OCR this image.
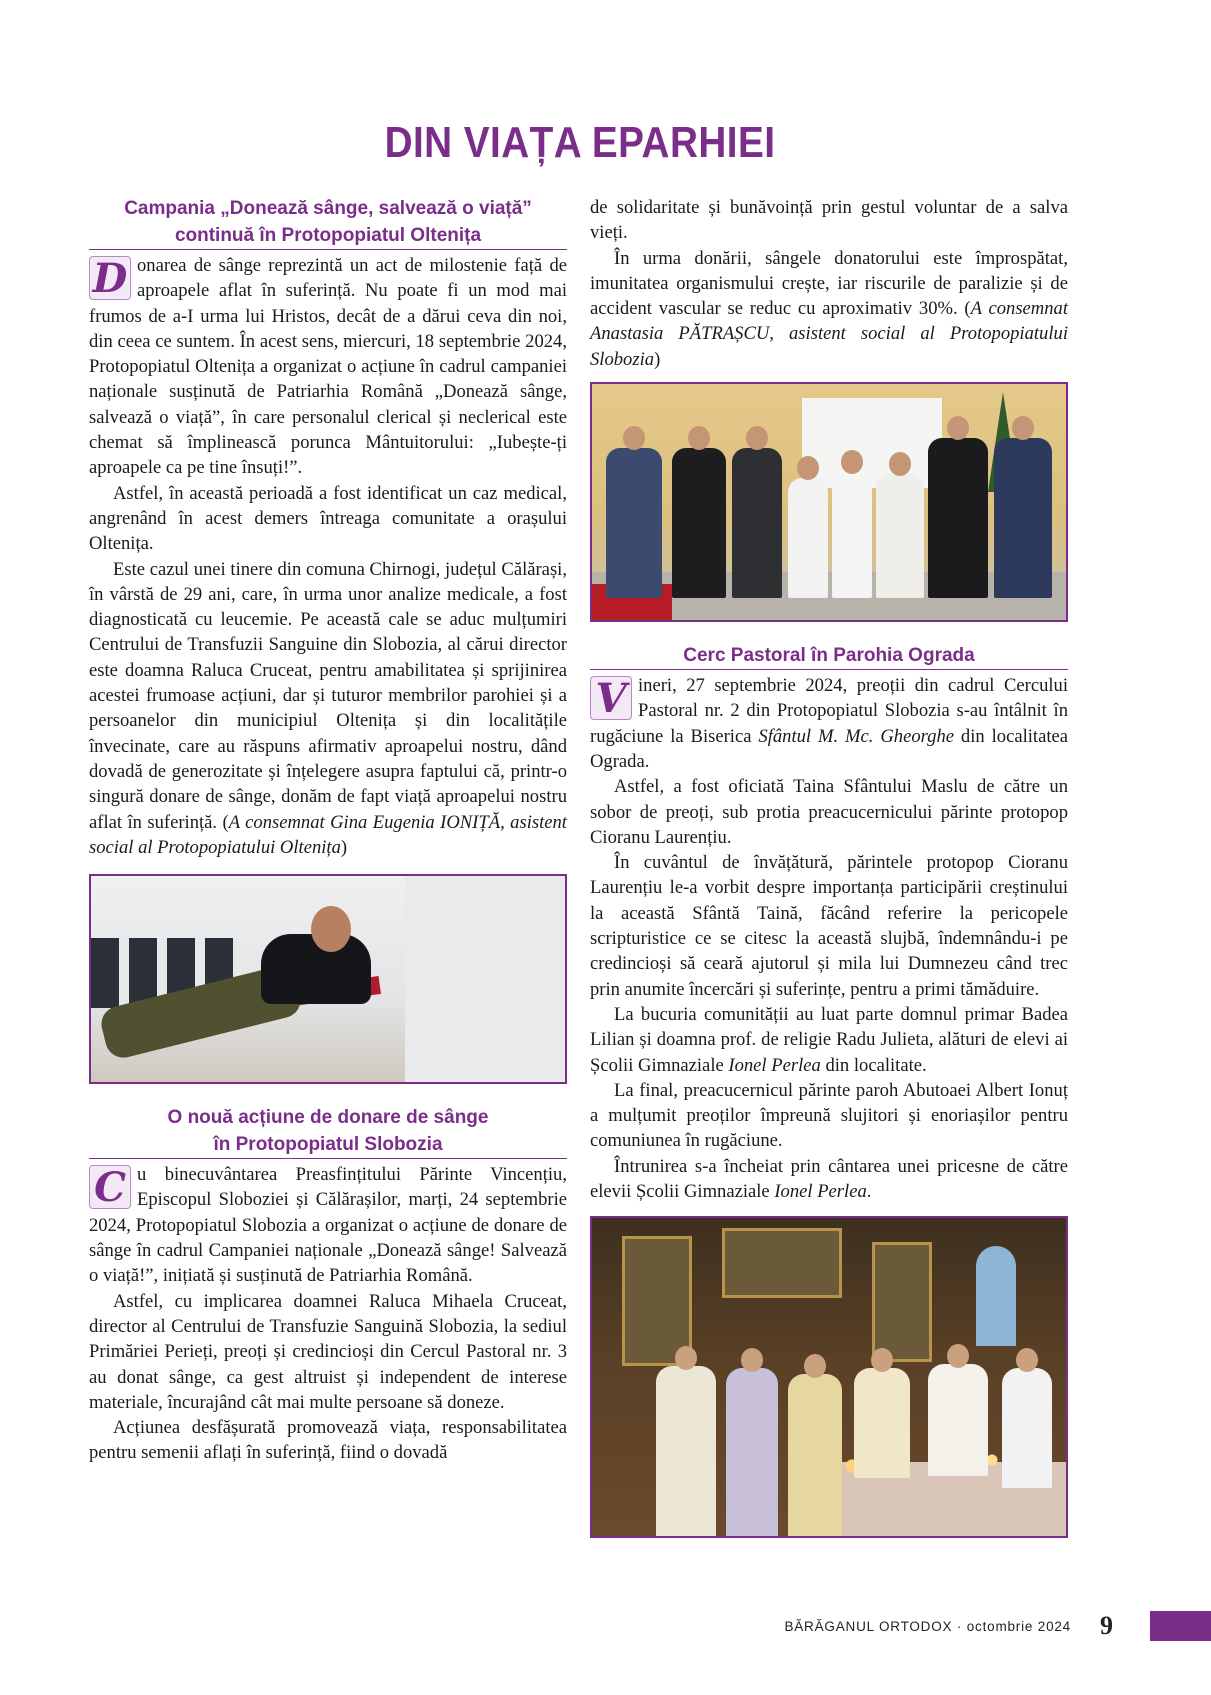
DIN VIAȚA EPARHIEI
Campania „Donează sânge, salvează o viață”
continuă în Protopopiatul Oltenița

D onarea de sânge reprezintă un act de milostenie față de aproapele aflat în suferință. Nu poate fi un mod mai frumos de a-I urma lui Hristos, decât de a dărui ceva din noi, din ceea ce suntem. În acest sens, miercuri, 18 septembrie 2024, Protopopiatul Oltenița a organizat o acțiune în cadrul campaniei naționale susținută de Patriarhia Română „Donează sânge, salvează o viață”, în care personalul clerical și neclerical este chemat să împlinească porunca Mântuitorului: „Iubește-ți aproapele ca pe tine însuți!”.

Astfel, în această perioadă a fost identificat un caz medical, angrenând în acest demers întreaga comunitate a orașului Oltenița.

Este cazul unei tinere din comuna Chirnogi, județul Călărași, în vârstă de 29 ani, care, în urma unor analize medicale, a fost diagnosticată cu leucemie. Pe această cale se aduc mulțumiri Centrului de Transfuzii Sanguine din Slobozia, al cărui director este doamna Raluca Cruceat, pentru amabilitatea și sprijinirea acestei frumoase acțiuni, dar și tuturor membrilor parohiei și a persoanelor din municipiul Oltenița și din localitățile învecinate, care au răspuns afirmativ aproapelui nostru, dând dovadă de generozitate și înțelegere asupra faptului că, printr-o singură donare de sânge, donăm de fapt viață aproapelui nostru aflat în suferință. (A consemnat Gina Eugenia IONIȚĂ, asistent social al Protopopiatului Oltenița)

O nouă acțiune de donare de sânge
în Protopopiatul Slobozia

C u binecuvântarea Preasfințitului Părinte Vincențiu, Episcopul Sloboziei și Călărașilor, marți, 24 septembrie 2024, Protopopiatul Slobozia a organizat o acțiune de donare de sânge în cadrul Campaniei naționale „Donează sânge! Salvează o viață!”, inițiată și susținută de Patriarhia Română.

Astfel, cu implicarea doamnei Raluca Mihaela Cruceat, director al Centrului de Transfuzie Sanguină Slobozia, la sediul Primăriei Perieți, preoți și credincioși din Cercul Pastoral nr. 3 au donat sânge, ca gest altruist și independent de interese materiale, încurajând cât mai multe persoane să doneze.

Acțiunea desfășurată promovează viața, responsabilitatea pentru semenii aflați în suferință, fiind o dovadă

de solidaritate și bunăvoință prin gestul voluntar de a salva vieți.

În urma donării, sângele donatorului este împrospătat, imunitatea organismului crește, iar riscurile de paralizie și de accident vascular se reduc cu aproximativ 30%. (A consemnat Anastasia PĂTRAȘCU, asistent social al Protopopiatului Slobozia)

Cerc Pastoral în Parohia Ograda

V ineri, 27 septembrie 2024, preoții din cadrul Cercului Pastoral nr. 2 din Protopopiatul Slobozia s-au întâlnit în rugăciune la Biserica Sfântul M. Mc. Gheorghe din localitatea Ograda.

Astfel, a fost oficiată Taina Sfântului Maslu de către un sobor de preoți, sub protia preacucernicului părinte protopop Cioranu Laurențiu.

În cuvântul de învățătură, părintele protopop Cioranu Laurențiu le-a vorbit despre importanța participării creștinului la această Sfântă Taină, făcând referire la pericopele scripturistice ce se citesc la această slujbă, îndemnându-i pe credincioși să ceară ajutorul și mila lui Dumnezeu când trec prin anumite încercări și suferințe, pentru a primi tămăduire.

La bucuria comunității au luat parte domnul primar Badea Lilian și doamna prof. de religie Radu Julieta, alături de elevi ai Școlii Gimnaziale Ionel Perlea din localitate.

La final, preacucernicul părinte paroh Abutoaei Albert Ionuț a mulțumit preoților împreună slujitori și enoriașilor pentru comuniunea în rugăciune.

Întrunirea s-a încheiat prin cântarea unei pricesne de către elevii Școlii Gimnaziale Ionel Perlea.

BĂRĂGANUL ORTODOX · octombrie 2024 9
